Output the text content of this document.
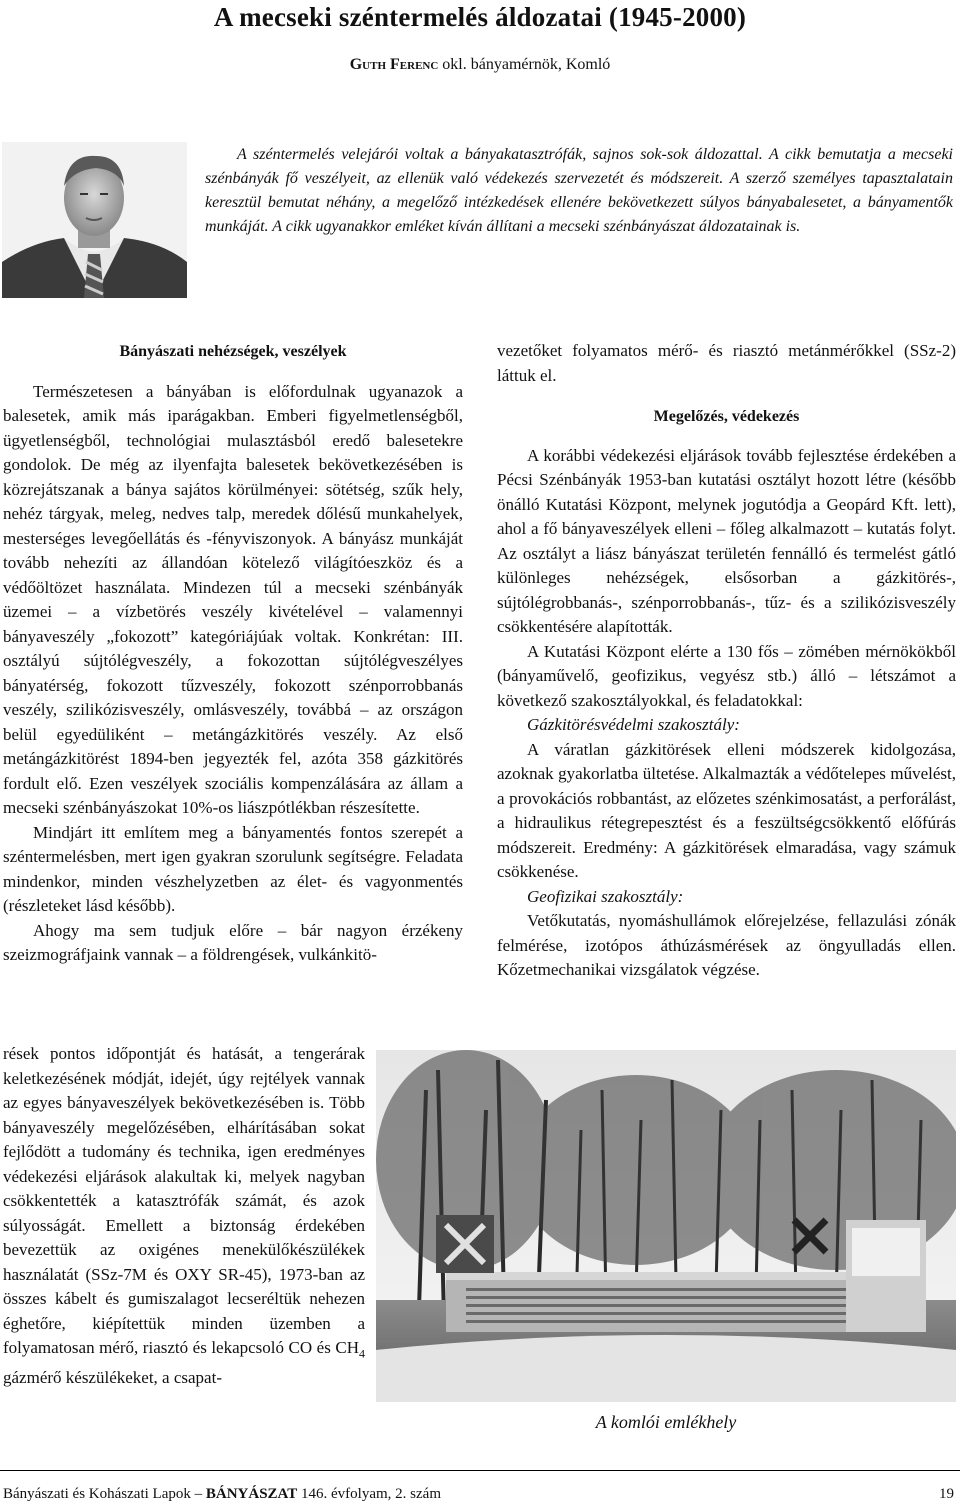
A mecseki széntermelés áldozatai (1945-2000)
Guth Ferenc okl. bányamérnök, Komló

A széntermelés velejárói voltak a bányakatasztrófák, sajnos sok-sok áldozattal. A cikk bemutatja a mecseki szénbányák fő veszélyeit, az ellenük való védekezés szervezetét és módszereit. A szerző személyes tapasztalatain keresztül bemutat néhány, a megelőző intézkedések ellenére bekövetkezett súlyos bányabalesetet, a bányamentők munkáját. A cikk ugyanakkor emléket kíván állítani a mecseki szénbányászat áldozatainak is.

Bányászati nehézségek, veszélyek

Természetesen a bányában is előfordulnak ugyanazok a balesetek, amik más iparágakban. Emberi figyelmetlenségből, ügyetlenségből, technológiai mulasztásból eredő balesetekre gondolok. De még az ilyenfajta balesetek bekövetkezésében is közrejátszanak a bánya sajátos körülményei: sötétség, szűk hely, nehéz tárgyak, meleg, nedves talp, meredek dőlésű munkahelyek, mesterséges levegőellátás és -fényviszonyok. A bányász munkáját tovább nehezíti az állandóan kötelező világítóeszköz és a védőöltözet használata. Mindezen túl a mecseki szénbányák üzemei – a vízbetörés veszély kivételével – valamennyi bányaveszély „fokozott” kategóriájúak voltak. Konkrétan: III. osztályú sújtólégveszély, a fokozottan sújtólégveszélyes bányatérség, fokozott tűzveszély, fokozott szénporrobbanás veszély, szilikózisveszély, omlásveszély, továbbá – az országon belül egyedüliként – metángázkitörés veszély. Az első metángázkitörést 1894-ben jegyezték fel, azóta 358 gázkitörés fordult elő. Ezen veszélyek szociális kompenzálására az állam a mecseki szénbányászokat 10%-os liászpótlékban részesítette.

Mindjárt itt említem meg a bányamentés fontos szerepét a széntermelésben, mert igen gyakran szorulunk segítségre. Feladata mindenkor, minden vészhelyzetben az élet- és vagyonmentés (részleteket lásd később).

Ahogy ma sem tudjuk előre – bár nagyon érzékeny szeizmográfjaink vannak – a földrengések, vulkánkitö-

rések pontos időpontját és hatását, a tengerárak keletkezésének módját, idejét, úgy rejtélyek vannak az egyes bányaveszélyek bekövetkezésében is. Több bányaveszély megelőzésében, elhárításában sokat fejlődött a tudomány és technika, igen eredményes védekezési eljárások alakultak ki, melyek nagyban csökkentették a katasztrófák számát, és azok súlyosságát. Emellett a biztonság érdekében bevezettük az oxigénes menekülőkészülékek használatát (SSz-7M és OXY SR-45), 1973-ban az összes kábelt és gumiszalagot lecseréltük nehezen éghetőre, kiépítettük minden üzemben a folyamatosan mérő, riasztó és lekapcsoló CO és $CH_4$ gázmérő készülékeket, a csapat-

vezetőket folyamatos mérő- és riasztó metánmérőkkel (SSz-2) láttuk el.

Megelőzés, védekezés

A korábbi védekezési eljárások tovább fejlesztése érdekében a Pécsi Szénbányák 1953-ban kutatási osztályt hozott létre (később önálló Kutatási Központ, melynek jogutódja a Geopárd Kft. lett), ahol a fő bányaveszélyek elleni – főleg alkalmazott – kutatás folyt. Az osztályt a liász bányászat területén fennálló és termelést gátló különleges nehézségek, elsősorban a gázkitörés-, sújtólégrobbanás-, szénporrobbanás-, tűz- és a szilikózisveszély csökkentésére alapították.

A Kutatási Központ elérte a 130 fős – zömében mérnökökből (bányaművelő, geofizikus, vegyész stb.) álló – létszámot a következő szakosztályokkal, és feladatokkal:

Gázkitörésvédelmi szakosztály:

A váratlan gázkitörések elleni módszerek kidolgozása, azoknak gyakorlatba ültetése. Alkalmazták a védőtelepes művelést, a provokációs robbantást, az előzetes szénkimosatást, a perforálást, a hidraulikus rétegrepesztést és a feszültségcsökkentő előfúrás módszereit. Eredmény: A gázkitörések elmaradása, vagy számuk csökkenése.

Geofizikai szakosztály:

Vetőkutatás, nyomáshullámok előrejelzése, fellazulási zónák felmérése, izotópos áthúzásmérések az öngyulladás ellen. Kőzetmechanikai vizsgálatok végzése.

A komlói emlékhely
Bányászati és Kohászati Lapok – BÁNYÁSZAT 146. évfolyam, 2. szám	19
